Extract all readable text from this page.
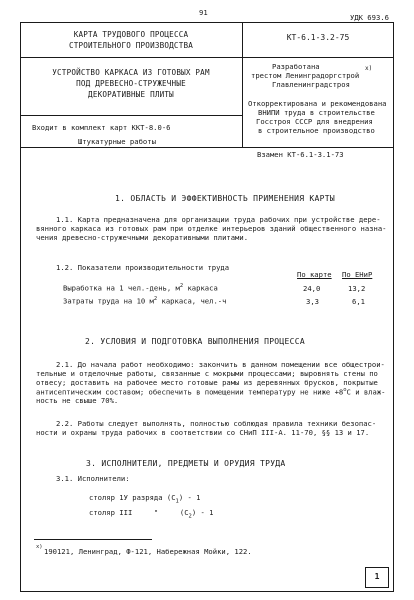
91
УДК 693.6
КАРТА ТРУДОВОГО ПРОЦЕССА
СТРОИТЕЛЬНОГО ПРОИЗВОДСТВА
КТ-6.1-3.2-75
УСТРОЙСТВО КАРКАСА ИЗ ГОТОВЫХ РАМ
ПОД ДРЕВЕСНО-СТРУЖЕЧНЫЕ
ДЕКОРАТИВНЫЕ ПЛИТЫ
Разработана
трестом Ленинградоргстрой
x)
Главленинградстроя
Откорректирована и рекомендована
ВНИПИ труда в строительстве
Госстроя СССР для внедрения
в строительное производство
Входит в комплект карт ККТ-8.0-6
Штукатурные работы
Взамен КТ-6.1-3.1-73
1. ОБЛАСТЬ И ЭФФЕКТИВНОСТЬ ПРИМЕНЕНИЯ КАРТЫ
1.1. Карта предназначена для организации труда рабочих при устройстве дере-
вянного каркаса из готовых рам при отделке интерьеров зданий общественного назна-
чения древесно-стружечными декоративными плитами.
1.2. Показатели производительности труда
По карте По ЕНиР
Выработка на 1 чел.-день, $м^2$ каркаса	24,0	13,2
Затраты труда на 10 $м^2$ каркаса, чел.-ч	3,3	6,1
2. УСЛОВИЯ И ПОДГОТОВКА ВЫПОЛНЕНИЯ ПРОЦЕССА
2.1. До начала работ необходимо: закончить в данном помещении все общестрои-
тельные и отделочные работы, связанные с мокрыми процессами; выровнять стены по
отвесу; доставить на рабочее место готовые рамы из деревянных брусков, покрытые
антисептическим составом; обеспечить в помещении температуру не ниже $+8^oС$ и влаж-
ность не свыше 70%.
2.2. Работы следует выполнять, полностью соблюдая правила техники безопас-
ности и охраны труда рабочих в соответствии со СНиП III-А. 11-70, §§ 13 и 17.
3. ИСПОЛНИТЕЛИ, ПРЕДМЕТЫ И ОРУДИЯ ТРУДА
3.1. Исполнители:
столяр 1У разряда $(С_1) - 1$
столяр III     "     $(С_2) - 1$
x) 190121, Ленинград, Ф-121, Набережная Мойки, 122.
1
